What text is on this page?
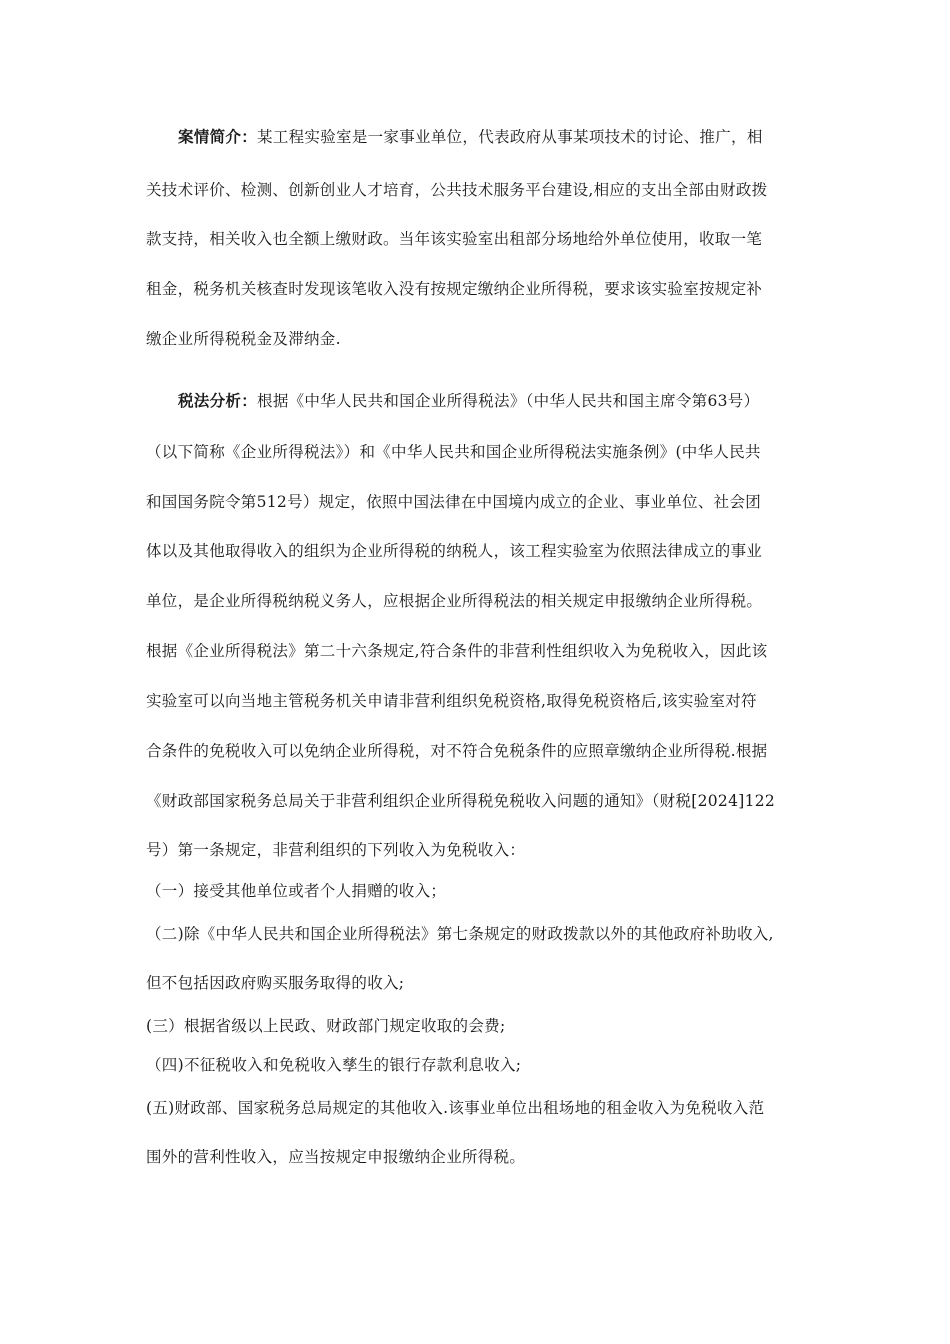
案情简介：某工程实验室是一家事业单位，代表政府从事某项技术的讨论、推广，相
关技术评价、检测、创新创业人才培育，公共技术服务平台建设,相应的支出全部由财政拨
款支持，相关收入也全额上缴财政。当年该实验室出租部分场地给外单位使用，收取一笔
租金，税务机关核查时发现该笔收入没有按规定缴纳企业所得税，要求该实验室按规定补
缴企业所得税税金及滞纳金.
税法分析：根据《中华人民共和国企业所得税法》（中华人民共和国主席令第63号）
（以下简称《企业所得税法》）和《中华人民共和国企业所得税法实施条例》(中华人民共
和国国务院令第512号）规定，依照中国法律在中国境内成立的企业、事业单位、社会团
体以及其他取得收入的组织为企业所得税的纳税人，该工程实验室为依照法律成立的事业
单位，是企业所得税纳税义务人，应根据企业所得税法的相关规定申报缴纳企业所得税。
根据《企业所得税法》第二十六条规定,符合条件的非营利性组织收入为免税收入，因此该
实验室可以向当地主管税务机关申请非营利组织免税资格,取得免税资格后,该实验室对符
合条件的免税收入可以免纳企业所得税，对不符合免税条件的应照章缴纳企业所得税.根据
《财政部国家税务总局关于非营利组织企业所得税免税收入问题的通知》（财税[2024]122
号）第一条规定，非营利组织的下列收入为免税收入：
（一）接受其他单位或者个人捐赠的收入；
（二)除《中华人民共和国企业所得税法》第七条规定的财政拨款以外的其他政府补助收入,
但不包括因政府购买服务取得的收入;
(三）根据省级以上民政、财政部门规定收取的会费;
（四)不征税收入和免税收入孳生的银行存款利息收入;
(五)财政部、国家税务总局规定的其他收入.该事业单位出租场地的租金收入为免税收入范
围外的营利性收入，应当按规定申报缴纳企业所得税。
